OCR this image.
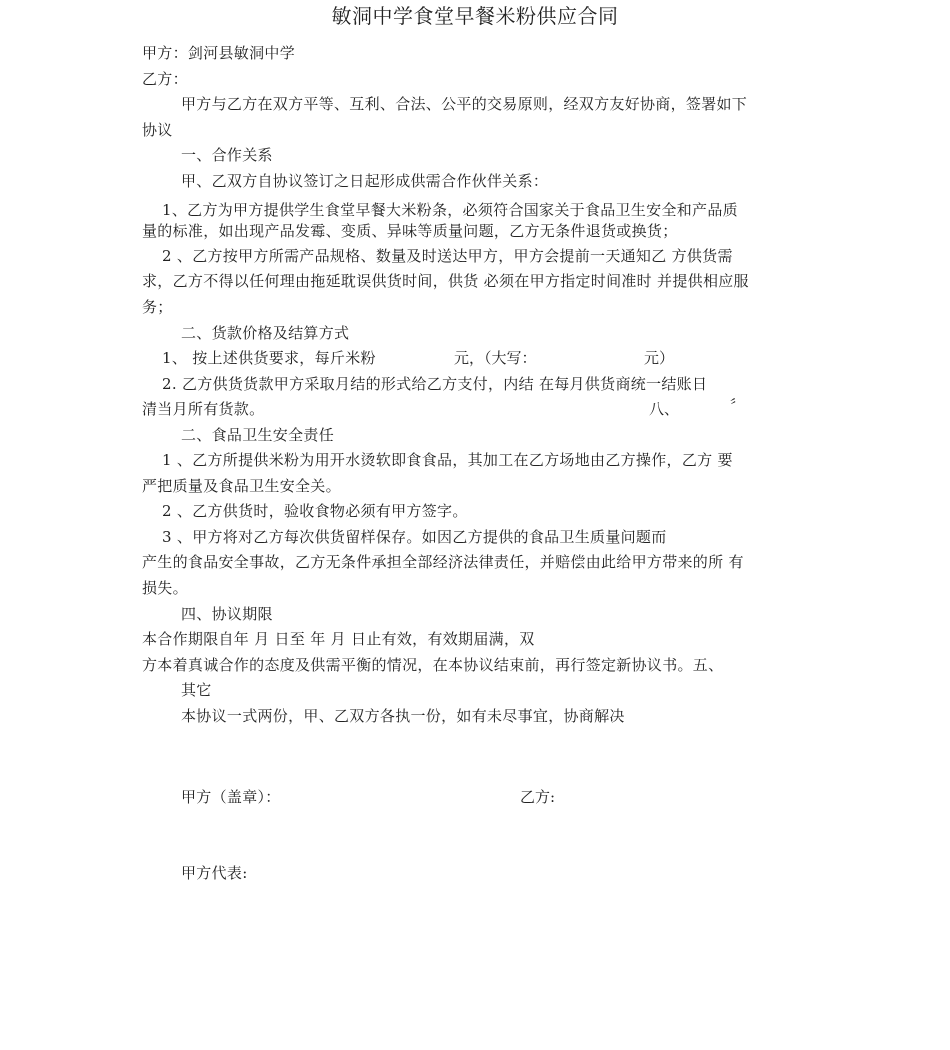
敏洞中学食堂早餐米粉供应合同
甲方：剑河县敏洞中学
乙方：
甲方与乙方在双方平等、互利、合法、公平的交易原则，经双方友好协商，签署如下
协议
一、合作关系
甲、乙双方自协议签订之日起形成供需合作伙伴关系：
1、乙方为甲方提供学生食堂早餐大米粉条，必须符合国家关于食品卫生安全和产品质
量的标准，如出现产品发霉、变质、异味等质量问题，乙方无条件退货或换货；
2 、乙方按甲方所需产品规格、数量及时送达甲方，甲方会提前一天通知乙 方供货需
求，乙方不得以任何理由拖延耽误供货时间，供货 必须在甲方指定时间准时 并提供相应服
务；
二、货款价格及结算方式
1、 按上述供货要求，每斤米粉	元，（大写：	元）
2. 乙方供货货款甲方采取月结的形式给乙方支付，内结 在每月供货商统一结账日
清当月所有货款。	八、	〞
二、食品卫生安全责任
1 、乙方所提供米粉为用开水烫软即食食品，其加工在乙方场地由乙方操作，乙方 要
严把质量及食品卫生安全关。
2 、乙方供货时，验收食物必须有甲方签字。
3 、甲方将对乙方每次供货留样保存。如因乙方提供的食品卫生质量问题而
产生的食品安全事故，乙方无条件承担全部经济法律责任，并赔偿由此给甲方带来的所 有
损失。
四、协议期限
本合作期限自年 月 日至 年 月 日止有效，有效期届满，双
方本着真诚合作的态度及供需平衡的情况，在本协议结束前，再行签定新协议书。五、
其它
本协议一式两份，甲、乙双方各执一份，如有未尽事宜，协商解决
甲方（盖章）：	乙方:
甲方代表:
